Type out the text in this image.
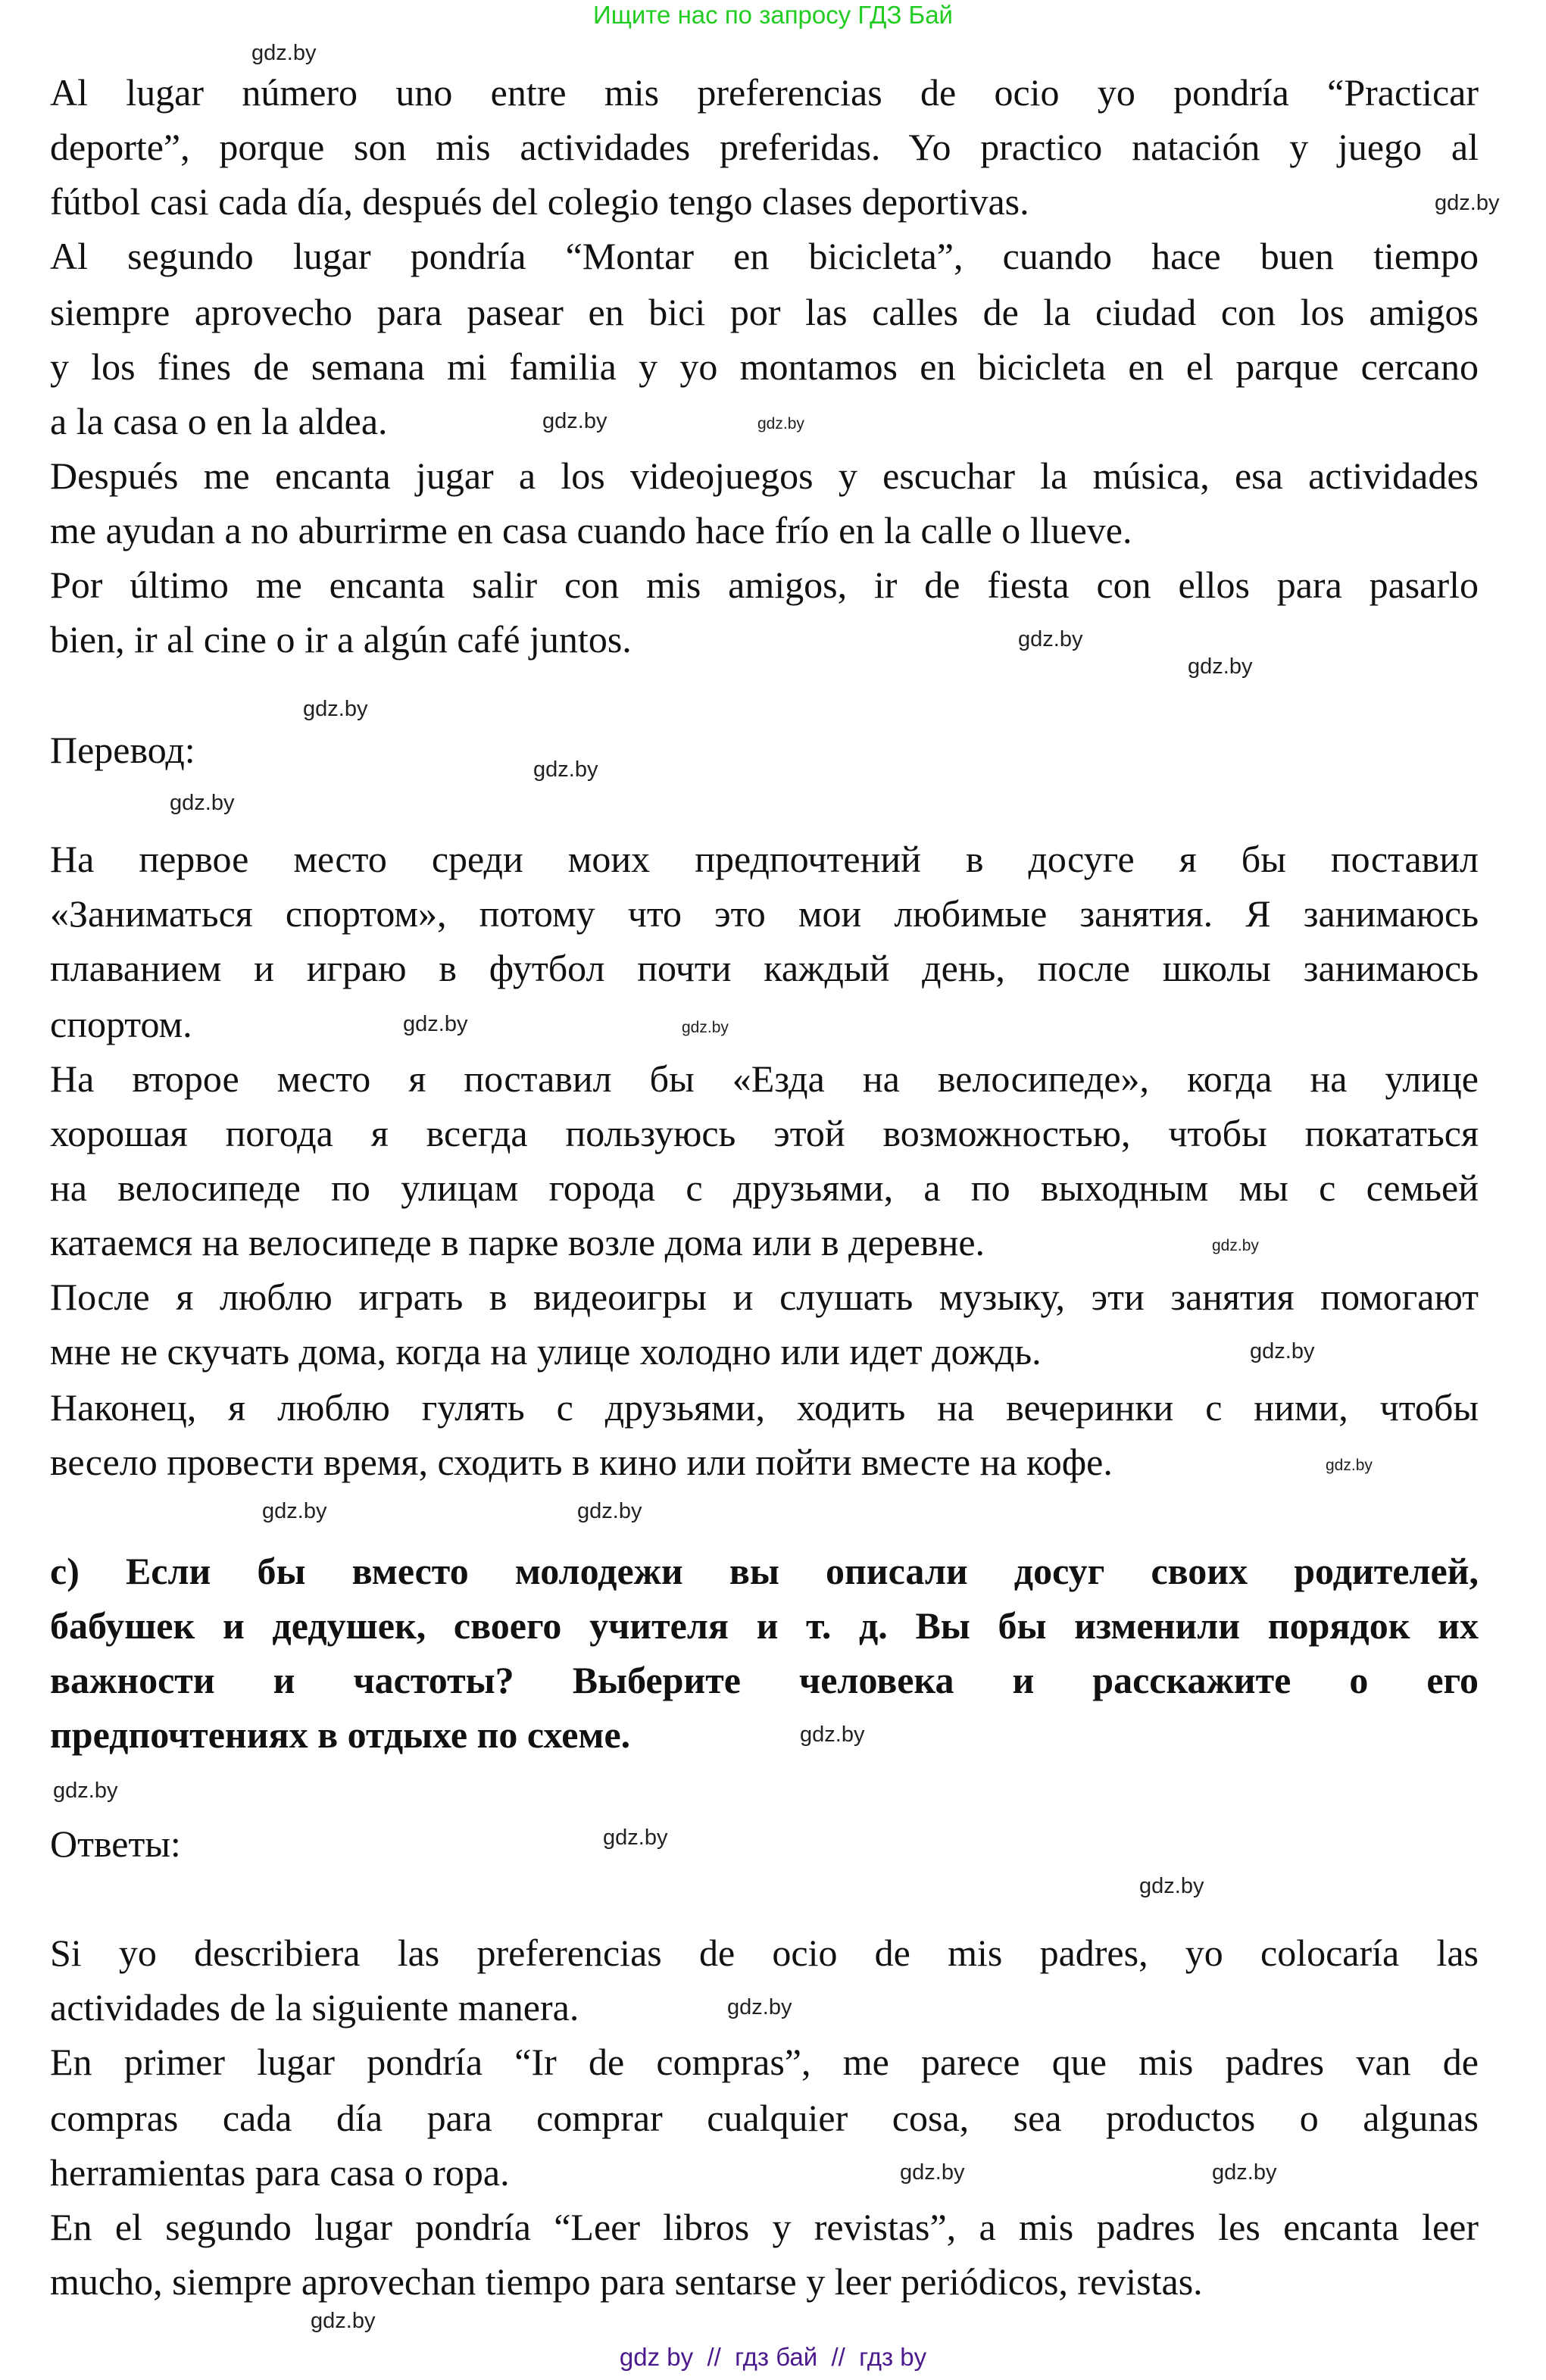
Ищите нас по запросу ГДЗ Бай
Al lugar número uno entre mis preferencias de ocio yo pondría “Practicar
deporte”, porque son mis actividades preferidas. Yo practico natación y juego al
fútbol casi cada día, después del colegio tengo clases deportivas.
Al segundo lugar pondría “Montar en bicicleta”, cuando hace buen tiempo
siempre aprovecho para pasear en bici por las calles de la ciudad con los amigos
y los fines de semana mi familia y yo montamos en bicicleta en el parque cercano
a la casa o en la aldea.
Después me encanta jugar a los videojuegos y escuchar la música, esa actividades
me ayudan a no aburrirme en casa cuando hace frío en la calle o llueve.
Por último me encanta salir con mis amigos, ir de fiesta con ellos para pasarlo
bien, ir al cine o ir a algún café juntos.
Перевод:
На первое место среди моих предпочтений в досуге я бы поставил
«Заниматься спортом», потому что это мои любимые занятия. Я занимаюсь
плаванием и играю в футбол почти каждый день, после школы занимаюсь
спортом.
На второе место я поставил бы «Езда на велосипеде», когда на улице
хорошая погода я всегда пользуюсь этой возможностью, чтобы покататься
на велосипеде по улицам города с друзьями, а по выходным мы с семьей
катаемся на велосипеде в парке возле дома или в деревне.
После я люблю играть в видеоигры и слушать музыку, эти занятия помогают
мне не скучать дома, когда на улице холодно или идет дождь.
Наконец, я люблю гулять с друзьями, ходить на вечеринки с ними, чтобы
весело провести время, сходить в кино или пойти вместе на кофе.
c) Если бы вместо молодежи вы описали досуг своих родителей,
бабушек и дедушек, своего учителя и т. д. Вы бы изменили порядок их
важности и частоты? Выберите человека и расскажите о его
предпочтениях в отдыхе по схеме.
Ответы:
Si yo describiera las preferencias de ocio de mis padres, yo colocaría las
actividades de la siguiente manera.
En primer lugar pondría “Ir de compras”, me parece que mis padres van de
compras cada día para comprar cualquier cosa, sea productos o algunas
herramientas para casa o ropa.
En el segundo lugar pondría “Leer libros y revistas”, a mis padres les encanta leer
mucho, siempre aprovechan tiempo para sentarse y leer periódicos, revistas.
gdz.by
gdz.by
gdz.by
gdz.by
gdz.by
gdz.by
gdz.by
gdz.by
gdz.by
gdz.by	gdz.by
gdz.by
gdz.by
gdz.by
gdz.by	gdz.by
gdz.by
gdz.by
gdz.by
gdz.by
gdz.by
gdz.by
gdz.by
gdz.by
gdz by  //  гдз бай  //  гдз by
